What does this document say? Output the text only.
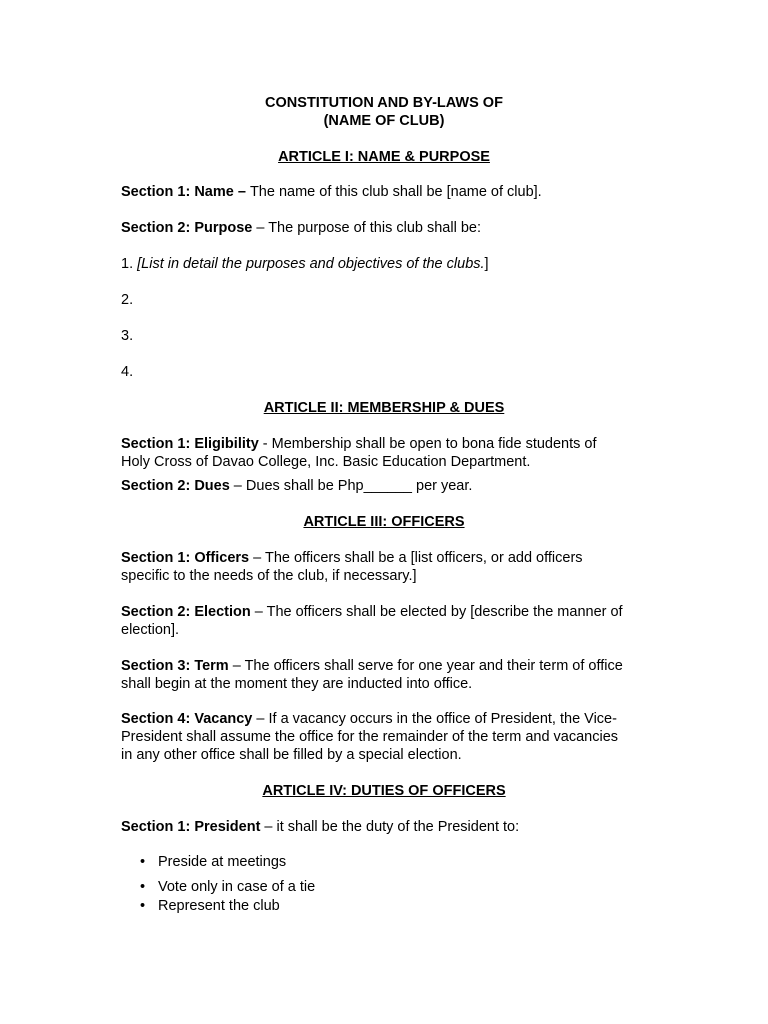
CONSTITUTION AND BY-LAWS OF
(NAME OF CLUB)
ARTICLE I: NAME & PURPOSE
Section 1: Name – The name of this club shall be [name of club].
Section 2: Purpose – The purpose of this club shall be:
1. [List in detail the purposes and objectives of the clubs.]
2.
3.
4.
ARTICLE II: MEMBERSHIP & DUES
Section 1: Eligibility - Membership shall be open to bona fide students of
Holy Cross of Davao College, Inc. Basic Education Department.
Section 2: Dues – Dues shall be Php______ per year.
ARTICLE III: OFFICERS
Section 1: Officers – The officers shall be a [list officers, or add officers
specific to the needs of the club, if necessary.]
Section 2: Election – The officers shall be elected by [describe the manner of
election].
Section 3: Term – The officers shall serve for one year and their term of office
shall begin at the moment they are inducted into office.
Section 4: Vacancy – If a vacancy occurs in the office of President, the Vice-
President shall assume the office for the remainder of the term and vacancies
in any other office shall be filled by a special election.
ARTICLE IV: DUTIES OF OFFICERS
Section 1: President – it shall be the duty of the President to:
• Preside at meetings
• Vote only in case of a tie
• Represent the club
